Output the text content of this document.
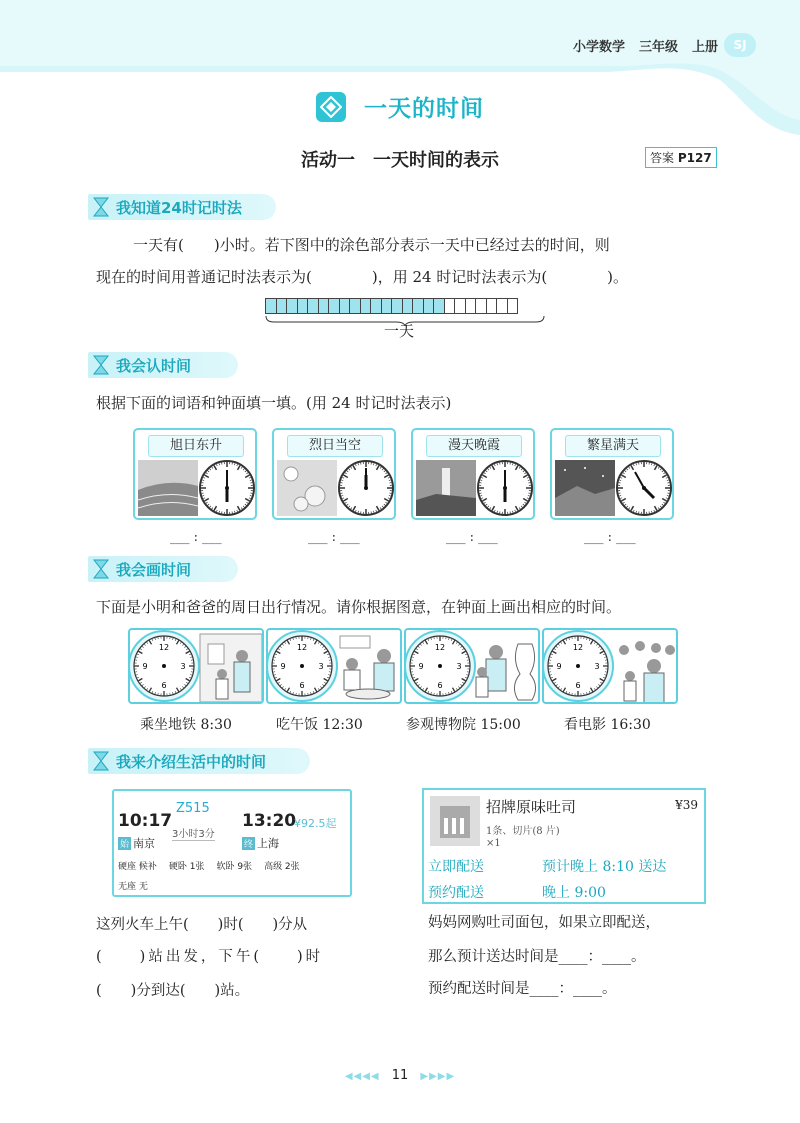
小学数学 三年级 上册	SJ
一天的时间
活动一　一天时间的表示	答案 P127
我知道24时记时法
一天有(　　)小时。若下图中的涂色部分表示一天中已经过去的时间，则
现在的时间用普通记时法表示为(　　　　)，用 24 时记时法表示为(　　　　)。
一天
我会认时间
根据下面的词语和钟面填一填。(用 24 时记时法表示)
旭日东升	烈日当空	漫天晚霞	繁星满天
___ : ___	___ : ___	___ : ___	___ : ___
我会画时间
下面是小明和爸爸的周日出行情况。请你根据图意，在钟面上画出相应的时间。
12
3
6
9
12
3
6
9
12
3
6
9
12
3
6
9
乘坐地铁 8:30	吃午饭 12:30	参观博物院 15:00	看电影 16:30
我来介绍生活中的时间
10:17
Z515
13:20
¥92.5起
始 南京
3小时3分
终 上海
硬座 候补 硬卧 1张 软卧 9张 高级 2张
无座 无
招牌原味吐司	¥39
1条、切片(8 片)
×1
立即配送	预计晚上 8:10 送达
预约配送	晚上 9:00
这列火车上午(　　)时(　　)分从
(　　)站出发，下午(　　)时
(　　)分到达(　　)站。
妈妈网购吐司面包，如果立即配送，
那么预计送达时间是____：____。
预约配送时间是____：____。
◀◀◀◀ 11 ▶▶▶▶
